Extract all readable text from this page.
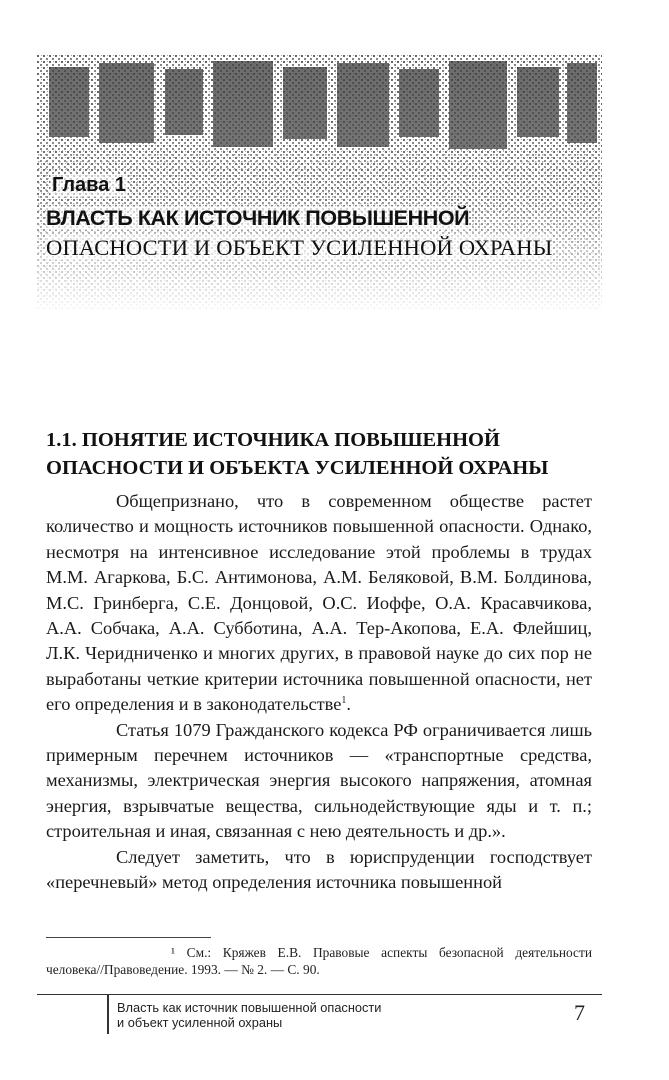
Глава 1
ВЛАСТЬ КАК ИСТОЧНИК ПОВЫШЕННОЙ
ОПАСНОСТИ И ОБЪЕКТ УСИЛЕННОЙ ОХРАНЫ
1.1. ПОНЯТИЕ ИСТОЧНИКА ПОВЫШЕННОЙ
ОПАСНОСТИ И ОБЪЕКТА УСИЛЕННОЙ ОХРАНЫ

Общепризнано, что в современном обществе растет количество и мощность источников повышенной опасности. Однако, несмотря на интенсивное исследование этой проблемы в трудах М.М. Агаркова, Б.С. Антимонова, А.М. Беляковой, В.М. Болдинова, М.С. Гринберга, С.Е. Донцовой, О.С. Иоффе, О.А. Красавчикова, А.А. Собчака, А.А. Субботина, А.А. Тер-Акопова, Е.А. Флейшиц, Л.К. Чeридниченко и многих других, в правовой науке до сих пор не выработаны четкие критерии источника повышенной опасности, нет его определения и в законодательстве$^1$.

Статья 1079 Гражданского кодекса РФ ограничивается лишь примерным перечнем источников — «транспортные средства, механизмы, электрическая энергия высокого напряжения, атомная энергия, взрывчатые вещества, сильнодействующие яды и т. п.; строительная и иная, связанная с нею деятельность и др.».

Следует заметить, что в юриспруденции господствует «перечневый» метод определения источника повышенной

¹ См.: Кряжев Е.В. Правовые аспекты безопасной деятельности человека//Правоведение. 1993. — № 2. — С. 90.

Власть как источник повышенной опасности
и объект усиленной охраны	7
